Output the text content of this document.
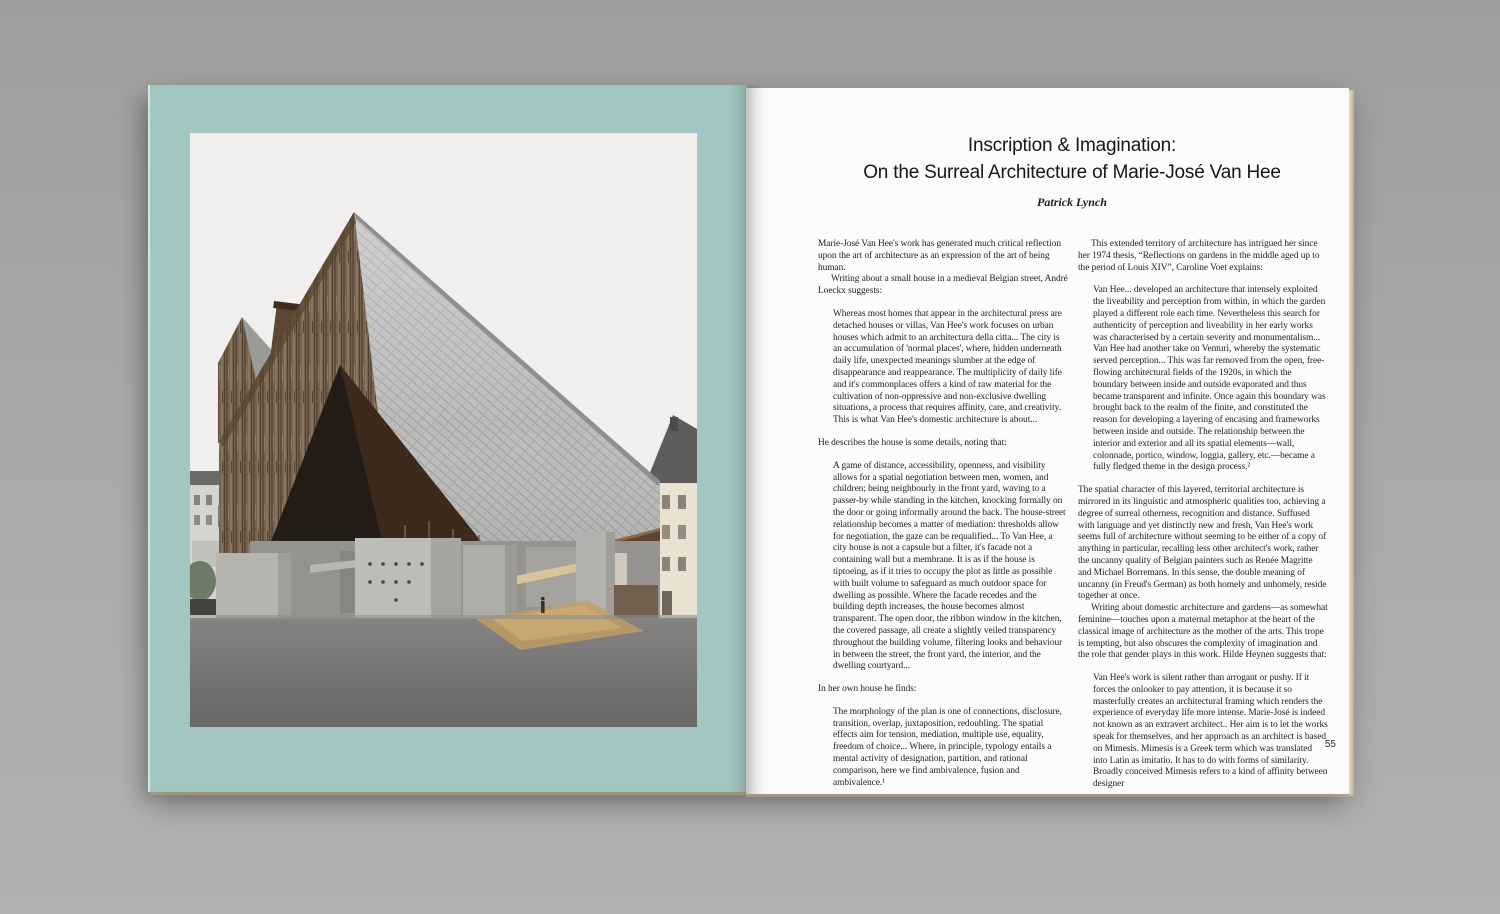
Inscription & Imagination:
On the Surreal Architecture of Marie-José Van Hee
Patrick Lynch

Marie-José Van Hee's work has generated much critical reflection upon the art of architecture as an expression of the art of being human.

Writing about a small house in a medieval Belgian street, André Loeckx suggests:

Whereas most homes that appear in the architectural press are detached houses or villas, Van Hee's work focuses on urban houses which admit to an architectura della citta... The city is an accumulation of 'normal places', where, hidden underneath daily life, unexpected meanings slumber at the edge of disappearance and reappearance. The multiplicity of daily life and it's commonplaces offers a kind of raw material for the cultivation of non-oppressive and non-exclusive dwelling situations, a process that requires affinity, care, and creativity. This is what Van Hee's domestic architecture is about...

He describes the house is some details, noting that:

A game of distance, accessibility, openness, and visibility allows for a spatial negotiation between men, women, and children; being neighbourly in the front yard, waving to a passer-by while standing in the kitchen, knocking formally on the door or going informally around the back. The house-street relationship becomes a matter of mediation: thresholds allow for negotiation, the gaze can be requalified... To Van Hee, a city house is not a capsule but a filter, it's facade not a containing wall but a membrane. It is as if the house is tiptoeing, as if it tries to occupy the plot as little as possible with built volume to safeguard as much outdoor space for dwelling as possible. Where the facade recedes and the building depth increases, the house becomes almost transparent. The open door, the ribbon window in the kitchen, the covered passage, all create a slightly veiled transparency throughout the building volume, filtering looks and behaviour in between the street, the front yard, the interior, and the dwelling courtyard...

In her own house he finds:

The morphology of the plan is one of connections, disclosure, transition, overlap, juxtaposition, redoubling. The spatial effects aim for tension, mediation, multiple use, equality, freedom of choice... Where, in principle, typology entails a mental activity of designation, partition, and rational comparison, here we find ambivalence, fusion and ambivalence.¹

This extended territory of architecture has intrigued her since her 1974 thesis, “Reflections on gardens in the middle aged up to the period of Louis XIV”, Caroline Voet explains:

Van Hee... developed an architecture that intensely exploited the liveability and perception from within, in which the garden played a different role each time. Nevertheless this search for authenticity of perception and liveability in her early works was characterised by a certain severity and monumentalism... Van Hee had another take on Venturi, whereby the systematic served perception... This was far removed from the open, free-flowing architectural fields of the 1920s, in which the boundary between inside and outside evaporated and thus became transparent and infinite. Once again this boundary was brought back to the realm of the finite, and constituted the reason for developing a layering of encasing and frameworks between inside and outside. The relationship between the interior and exterior and all its spatial elements—wall, colonnade, portico, window, loggia, gallery, etc.—became a fully fledged theme in the design process.²

The spatial character of this layered, territorial architecture is mirrored in its linguistic and atmospheric qualities too, achieving a degree of surreal otherness, recognition and distance. Suffused with language and yet distinctly new and fresh, Van Hee's work seems full of architecture without seeming to be either of a copy of anything in particular, recalling less other architect's work, rather the uncanny quality of Belgian painters such as Renée Magritte and Michael Borremans. In this sense, the double meaning of uncanny (in Freud's German) as both homely and unhomely, reside together at once.

Writing about domestic architecture and gardens—as somewhat feminine—touches upon a maternal metaphor at the heart of the classical image of architecture as the mother of the arts. This trope is tempting, but also obscures the complexity of imagination and the role that gender plays in this work. Hilde Heynen suggests that:

Van Hee's work is silent rather than arrogant or pushy. If it forces the onlooker to pay attention, it is because it so masterfully creates an architectural framing which renders the experience of everyday life more intense. Marie-José is indeed not known as an extravert architect.. Her aim is to let the works speak for themselves, and her approach as an architect is based on Mimesis. Mimesis is a Greek term which was translated into Latin as imitatio. It has to do with forms of similarity. Broadly conceived Mimesis refers to a kind of affinity between designer

55
